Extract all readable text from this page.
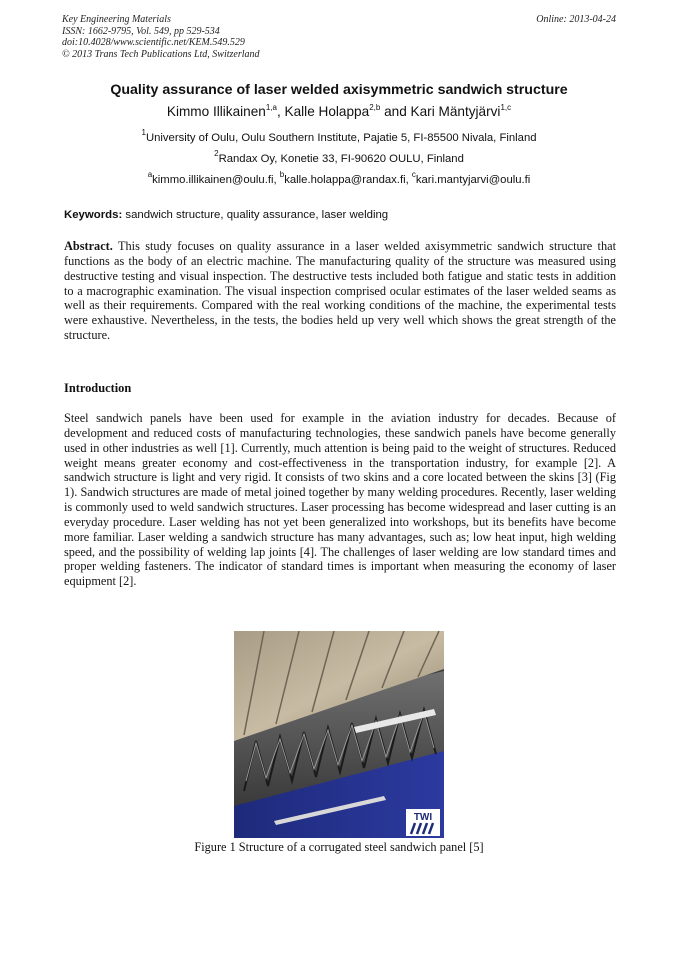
Key Engineering Materials
ISSN: 1662-9795, Vol. 549, pp 529-534
doi:10.4028/www.scientific.net/KEM.549.529
© 2013 Trans Tech Publications Ltd, Switzerland
Online: 2013-04-24
Quality assurance of laser welded axisymmetric sandwich structure
Kimmo Illikainen$^{1,a}$, Kalle Holappa$^{2,b}$ and Kari Mäntyjärvi$^{1,c}$
$^1$University of Oulu, Oulu Southern Institute, Pajatie 5, FI-85500 Nivala, Finland
$^2$Randax Oy, Konetie 33, FI-90620 OULU, Finland
$^a$kimmo.illikainen@oulu.fi, $^b$kalle.holappa@randax.fi, $^c$kari.mantyjarvi@oulu.fi
Keywords: sandwich structure, quality assurance, laser welding
Abstract. This study focuses on quality assurance in a laser welded axisymmetric sandwich structure that functions as the body of an electric machine. The manufacturing quality of the structure was measured using destructive testing and visual inspection. The destructive tests included both fatigue and static tests in addition to a macrographic examination. The visual inspection comprised ocular estimates of the laser welded seams as well as their requirements. Compared with the real working conditions of the machine, the experimental tests were exhaustive. Nevertheless, in the tests, the bodies held up very well which shows the great strength of the structure.
Introduction
Steel sandwich panels have been used for example in the aviation industry for decades. Because of development and reduced costs of manufacturing technologies, these sandwich panels have become generally used in other industries as well [1]. Currently, much attention is being paid to the weight of structures. Reduced weight means greater economy and cost-effectiveness in the transportation industry, for example [2]. A sandwich structure is light and very rigid. It consists of two skins and a core located between the skins [3] (Fig 1). Sandwich structures are made of metal joined together by many welding procedures. Recently, laser welding is commonly used to weld sandwich structures. Laser processing has become widespread and laser cutting is an everyday procedure. Laser welding has not yet been generalized into workshops, but its benefits have become more familiar. Laser welding a sandwich structure has many advantages, such as; low heat input, high welding speed, and the possibility of welding lap joints [4]. The challenges of laser welding are low standard times and proper welding fasteners. The indicator of standard times is important when measuring the economy of laser equipment [2].
TWI
Figure 1 Structure of a corrugated steel sandwich panel [5]
